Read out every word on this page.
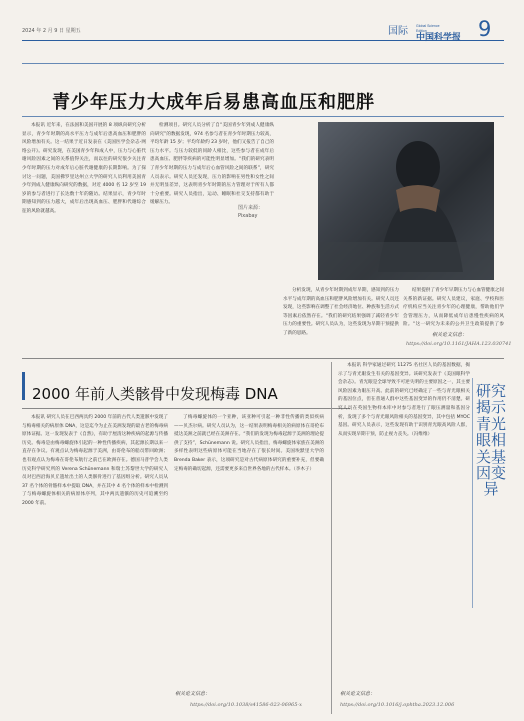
2024 年 2 月 9 日 星期五	国际 Global Science
Edition
中国科学报 9
青少年压力大成年后易患高血压和肥胖
本报讯 近年来，在法国和美国开展的 8 项纵向研究分析显示，青少年时期的高水平压力与成年后患高血压和肥胖的风险增加有关。这一结果于近日发表在《美国医学会杂志-网络公开》。研究发现，在美国青少年和成人中，压力与心脏代谢风险因素之间的关系值得关注，而以往的研究很少关注青少年时期的压力对成年后心脏代谢健康的长期影响。为了探讨这一问题，美国佛罗里达州立大学的研究人员利用美国青少年到成人健康纵向研究的数据，对近 4000 名 12 岁至 19 岁的参与者进行了长达数十年的随访。结果显示，青少年时期感知到的压力越大，成年后出现高血压、肥胖和代谢综合征的风险就越高。
检测项目。研究人员分析了自“美国青少年到成人健康纵向研究”的数据发现，974 名参与者在青少年时期压力较高，平均年龄 15 岁；平均年龄约 23 岁时，他们又报告了自己的压力水平。与压力较低的同龄人相比，这些参与者在成年后患高血压、肥胖等疾病的可能性明显增加。“我们的研究表明了青少年时期的压力与成年后心血管风险之间的联系”，研究人员表示。研究人员还发现，压力的影响在男性和女性之间并无明显差异，这表明青少年时期的压力管理对于所有人都十分重要。研究人员指出，运动、睡眠和社交支持都有助于缓解压力。
图片来源：
Pixabay
分析发现，从青少年时期到成年早期，感知到的压力水平与成年期的高血压和肥胖风险增加有关。研究人员还发现，这些影响在调整了社会经济地位、种族和生活方式等因素后依然存在。“我们的研究结果强调了减轻青少年压力的重要性。研究人员认为，这些发现为早期干预提供了新的思路。
结果提供了青少年早期压力与心血管健康之间关系的新证据。研究人员建议，家庭、学校和医疗机构应当关注青少年的心理健康，帮助他们学会管理压力，从而降低成年后患慢性疾病的风险。“这一研究为未来的公共卫生政策提供了参
相关论文信息：
https://doi.org/10.1161/JAHA.123.030741
2000 年前人类骸骨中发现梅毒 DNA
本报讯 研究人员在巴西两具约 2000 年前的古代人类遗骸中发现了与梅毒相关的病原体 DNA，这是迄今为止在美洲发现的最古老的梅毒病原体证据。这一发现发表于《自然》，有助于厘清这种疾病的起源与传播历史。梅毒是由梅毒螺旋体引起的一种性传播疾病，其起源长期以来一直存在争议。有观点认为梅毒起源于美洲，由哥伦布的船员带回欧洲；也有观点认为梅毒在哥伦布航行之前已在欧洲存在。德国马普学会人类历史科学研究所的 Verena Schünemann 和瑞士苏黎世大学的研究人员对巴西沿海贝丘遗址出土的人类骸骨进行了基因组分析。研究人员从 37 名个体的骨骼样本中提取 DNA，并在其中 4 名个体的样本中检测到了与梅毒螺旋体相关的病原体序列，其中两具遗骸的历史可追溯至约 2000 年前。
了梅毒螺旋体的一个亚种，该亚种可引起一种非性传播的类似疾病——贝杰尔病。研究人员认为，这一结果表明梅毒相关的病原体在哥伦布抵达美洲之前就已经在美洲存在。“我们的发现为梅毒起源于美洲的理论提供了支持”，Schünemann 说。研究人员指出，梅毒螺旋体家族在美洲的多样性表明这些病原体可能在当地存在了很长时间。美国埃默里大学的 Brenda Baker 表示，这项研究是对古代病原体研究的重要补充，但要确定梅毒的确切起源，还需要更多来自世界各地的古代样本。（李木子）
相关论文信息：
https://doi.org/10.1038/s41586-023-06965-x
本报讯 科学家通过研究 11275 名社区人员的基因数据，揭示了与青光眼发生有关的基因变异。该研究发表于《美国眼科学会杂志》。青光眼是全球导致不可逆失明的主要原因之一，其主要风险因素为眼压升高。此前的研究已经确定了一些与青光眼相关的基因位点，但在普通人群中这些基因变异的作用仍不清楚。研究人员在英国生物样本库中对参与者进行了眼压测量和基因分析，发现了多个与青光眼风险相关的基因变异，其中包括 MYOC 基因。研究人员表示，这些发现有助于识别青光眼高风险人群，从而实现早期干预，防止视力丧失。（冯维维）
研究揭示青光眼相关基因变异
相关论文信息：
https://doi.org/10.1016/j.ophtha.2023.12.006
